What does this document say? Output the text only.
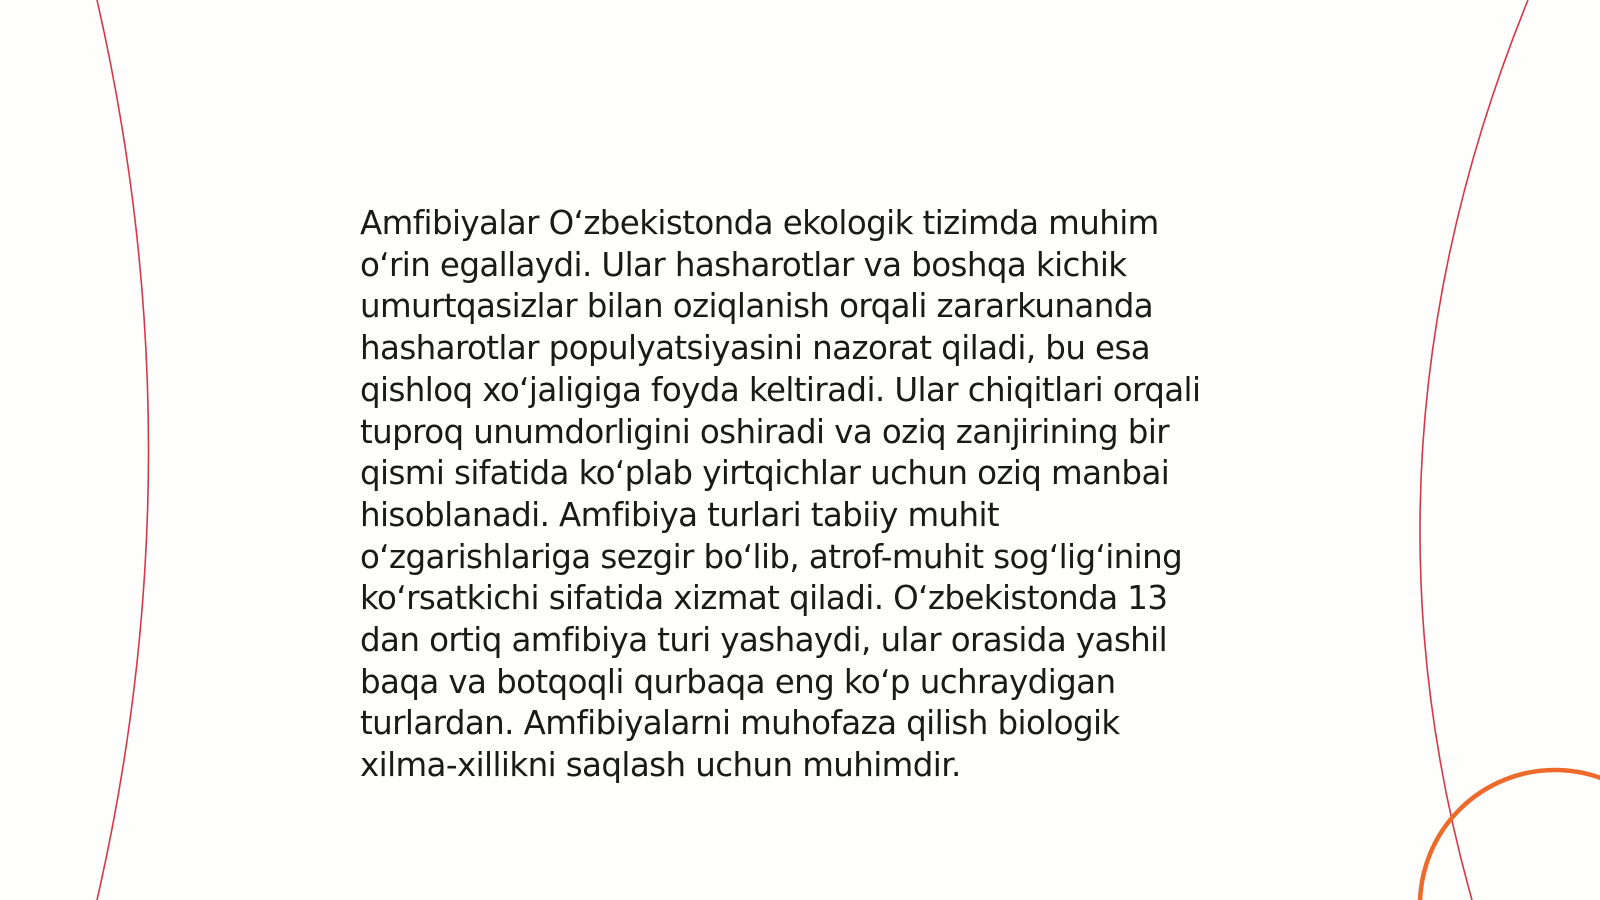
Amfibiyalar O‘zbekistonda ekologik tizimda muhim
o‘rin egallaydi. Ular hasharotlar va boshqa kichik
umurtqasizlar bilan oziqlanish orqali zararkunanda
hasharotlar populyatsiyasini nazorat qiladi, bu esa
qishloq xo‘jaligiga foyda keltiradi. Ular chiqitlari orqali
tuproq unumdorligini oshiradi va oziq zanjirining bir
qismi sifatida ko‘plab yirtqichlar uchun oziq manbai
hisoblanadi. Amfibiya turlari tabiiy muhit
o‘zgarishlariga sezgir bo‘lib, atrof-muhit sog‘lig‘ining
ko‘rsatkichi sifatida xizmat qiladi. O‘zbekistonda 13
dan ortiq amfibiya turi yashaydi, ular orasida yashil
baqa va botqoqli qurbaqa eng ko‘p uchraydigan
turlardan. Amfibiyalarni muhofaza qilish biologik
xilma-xillikni saqlash uchun muhimdir.
